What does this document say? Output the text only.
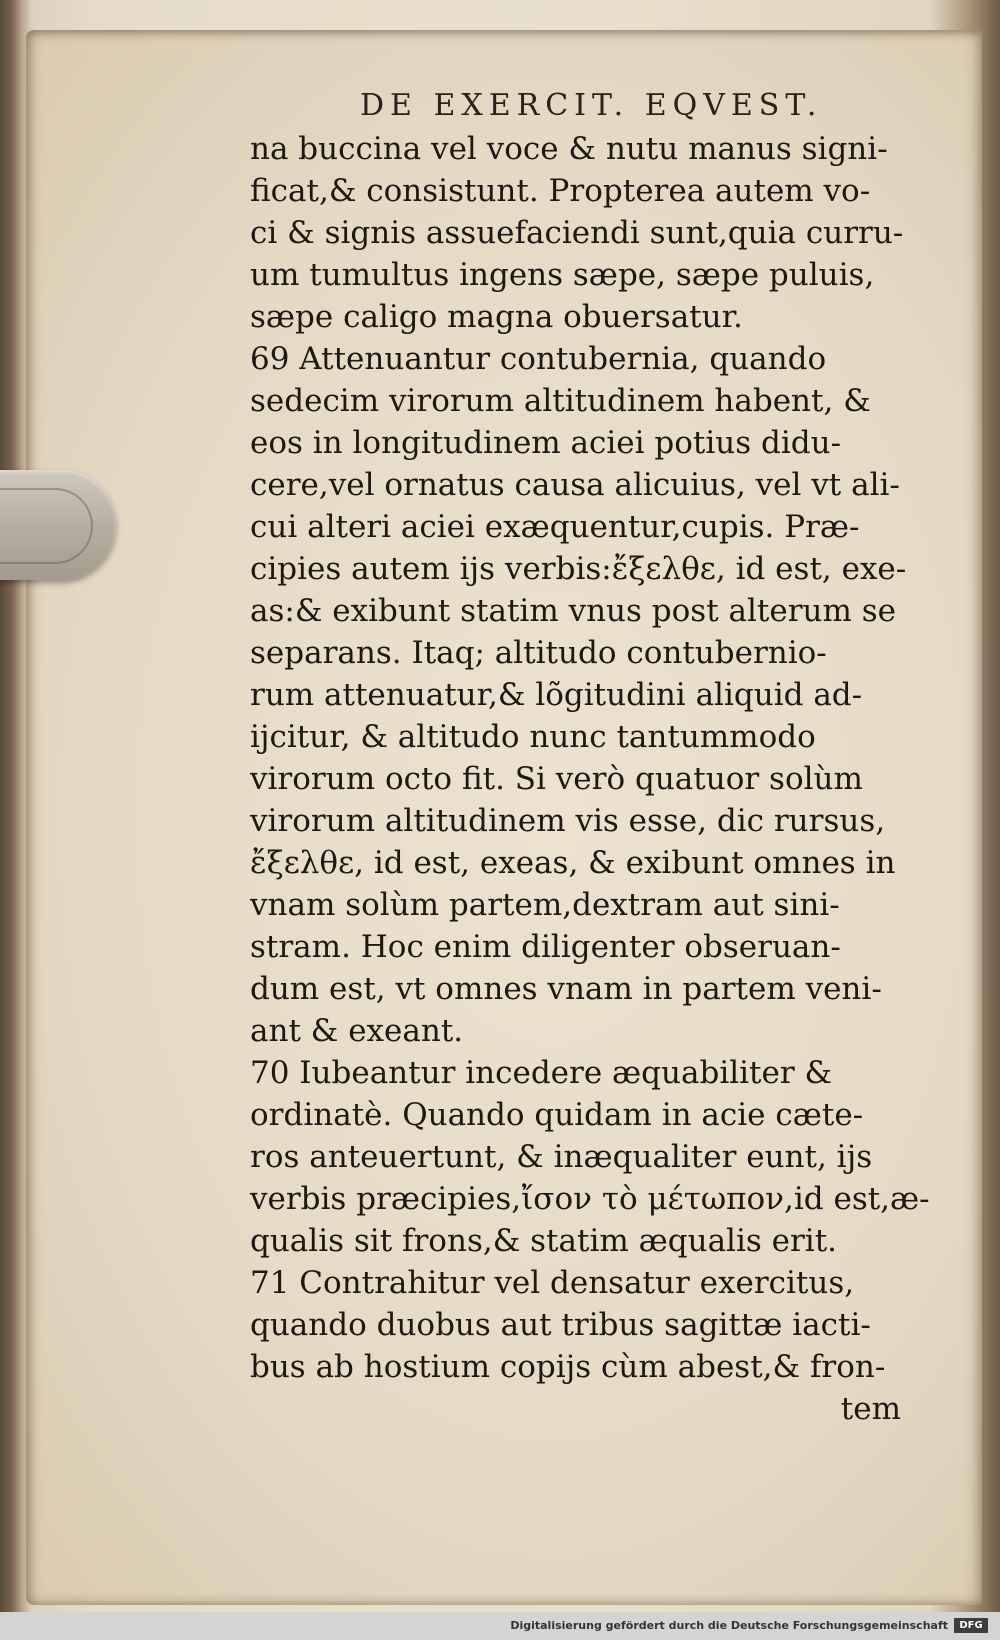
DE EXERCIT. EQVEST.
na buccina vel voce & nutu manus signi-
ficat,& consistunt. Propterea autem vo-
ci & signis assuefaciendi sunt,quia curru-
um tumultus ingens sæpe, sæpe puluis,
sæpe caligo magna obuersatur.
69 Attenuantur contubernia, quando
sedecim virorum altitudinem habent, &
eos in longitudinem aciei potius didu-
cere,vel ornatus causa alicuius, vel vt ali-
cui alteri aciei exæquentur,cupis. Præ-
cipies autem ijs verbis:ἔξελθε, id est, exe-
as:& exibunt statim vnus post alterum se
separans. Itaq; altitudo contubernio-
rum attenuatur,& lõgitudini aliquid ad-
ijcitur, & altitudo nunc tantummodo
virorum octo fit. Si verò quatuor solùm
virorum altitudinem vis esse, dic rursus,
ἔξελθε, id est, exeas, & exibunt omnes in
vnam solùm partem,dextram aut sini-
stram. Hoc enim diligenter obseruan-
dum est, vt omnes vnam in partem veni-
ant & exeant.
70 Iubeantur incedere æquabiliter &
ordinatè. Quando quidam in acie cæte-
ros anteuertunt, & inæqualiter eunt, ijs
verbis præcipies,ἴσον τὸ μέτωπον,id est,æ-
qualis sit frons,& statim æqualis erit.
71 Contrahitur vel densatur exercitus,
quando duobus aut tribus sagittæ iacti-
bus ab hostium copijs cùm abest,& fron-
tem
Digitalisierung gefördert durch die Deutsche Forschungsgemeinschaft	DFG
